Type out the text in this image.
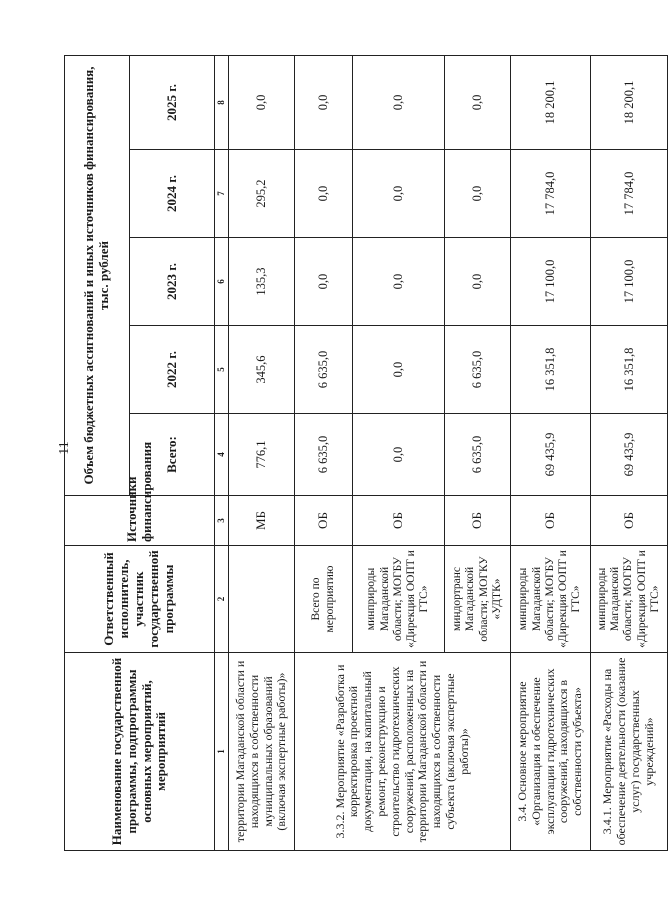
11
Наименование государственной программы, подпрограммы основных мероприятий, мероприятий	Ответственный исполнитель, участник государственной программы	Источники финансирования	Объем бюджетных ассигнований и иных источников финансирования, тыс. рублей				
			Всего:	2022 г.	2023 г.	2024 г.	2025 г.
1	2	3	4	5	6	7	8
территории Магаданской области и находящихся в собственности муниципальных образований (включая экспертные работы)»		МБ	776,1	345,6	135,3	295,2	0,0
3.3.2. Мероприятие «Разработка и корректировка проектной документации, на капитальный ремонт, реконструкцию и строительство гидротехнических сооружений, расположенных на территории Магаданской области и находящихся в собственности субъекта (включая экспертные работы)»	Всего по мероприятию	ОБ	6 635,0	6 635,0	0,0	0,0	0,0
	минприроды Магаданской области; МОГБУ «Дирекция ООПТ и ГТС»	ОБ	0,0	0,0	0,0	0,0	0,0
	миндортранс Магаданской области; МОГКУ «УДТК»	ОБ	6 635,0	6 635,0	0,0	0,0	0,0
3.4. Основное мероприятие «Организация и обеспечение эксплуатации гидротехнических сооружений, находящихся в собственности субъекта»	минприроды Магаданской области; МОГБУ «Дирекция ООПТ и ГТС»	ОБ	69 435,9	16 351,8	17 100,0	17 784,0	18 200,1
3.4.1. Мероприятие «Расходы на обеспечение деятельности (оказание услуг) государственных учреждений»	минприроды Магаданской области; МОГБУ «Дирекция ООПТ и ГТС»	ОБ	69 435,9	16 351,8	17 100,0	17 784,0	18 200,1
